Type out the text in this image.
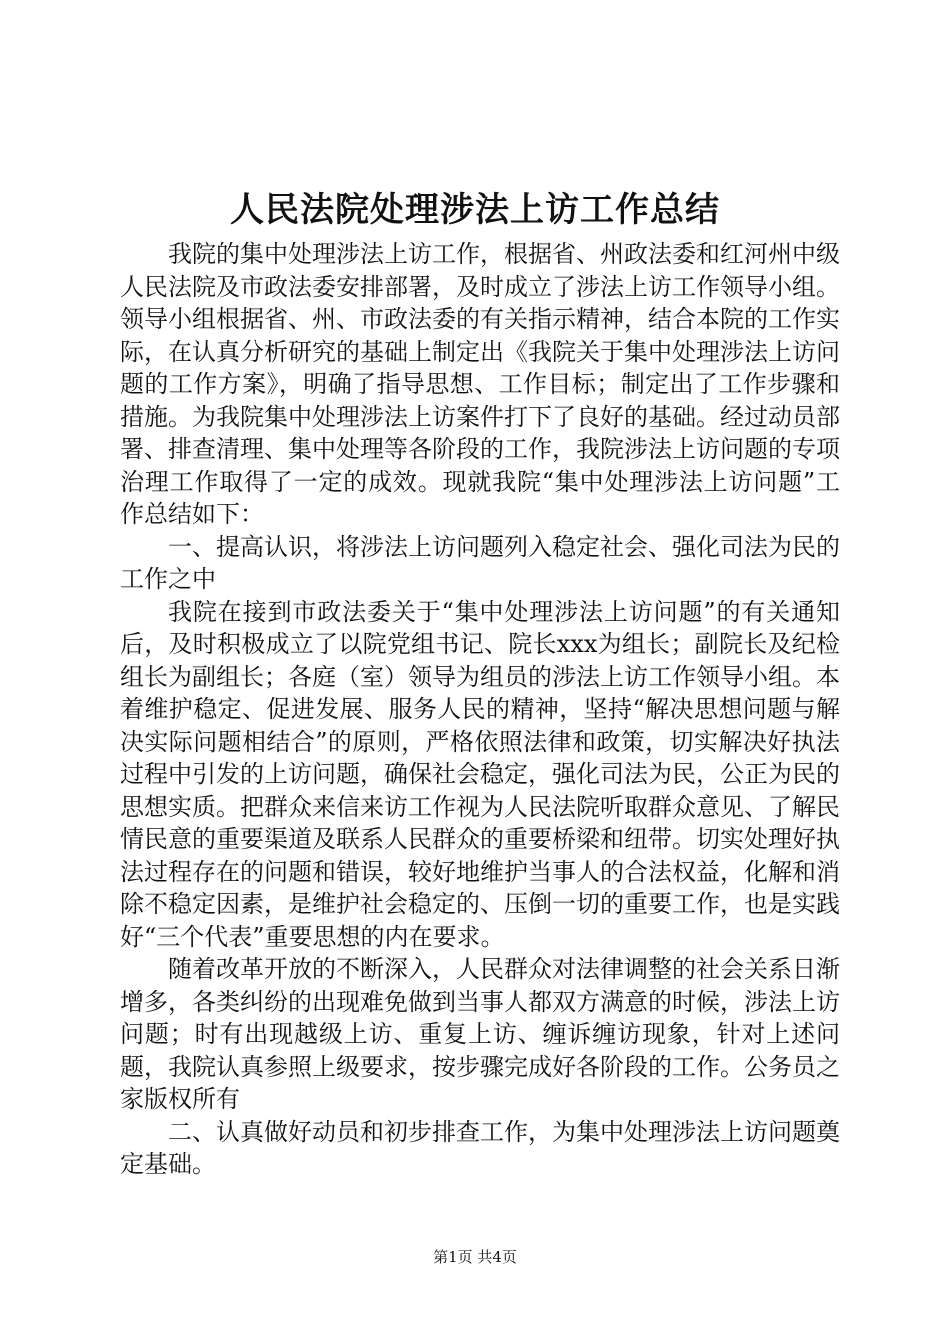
人民法院处理涉法上访工作总结

我院的集中处理涉法上访工作，根据省、州政法委和红河州中级人民法院及市政法委安排部署，及时成立了涉法上访工作领导小组。领导小组根据省、州、市政法委的有关指示精神，结合本院的工作实际，在认真分析研究的基础上制定出《我院关于集中处理涉法上访问题的工作方案》，明确了指导思想、工作目标；制定出了工作步骤和措施。为我院集中处理涉法上访案件打下了良好的基础。经过动员部署、排查清理、集中处理等各阶段的工作，我院涉法上访问题的专项治理工作取得了一定的成效。现就我院“集中处理涉法上访问题”工作总结如下：

一、提高认识，将涉法上访问题列入稳定社会、强化司法为民的工作之中

我院在接到市政法委关于“集中处理涉法上访问题”的有关通知后，及时积极成立了以院党组书记、院长xxx为组长；副院长及纪检组长为副组长；各庭（室）领导为组员的涉法上访工作领导小组。本着维护稳定、促进发展、服务人民的精神，坚持“解决思想问题与解决实际问题相结合”的原则，严格依照法律和政策，切实解决好执法过程中引发的上访问题，确保社会稳定，强化司法为民，公正为民的思想实质。把群众来信来访工作视为人民法院听取群众意见、了解民情民意的重要渠道及联系人民群众的重要桥梁和纽带。切实处理好执法过程存在的问题和错误，较好地维护当事人的合法权益，化解和消除不稳定因素，是维护社会稳定的、压倒一切的重要工作，也是实践好“三个代表”重要思想的内在要求。

随着改革开放的不断深入，人民群众对法律调整的社会关系日渐增多，各类纠纷的出现难免做到当事人都双方满意的时候，涉法上访问题；时有出现越级上访、重复上访、缠诉缠访现象，针对上述问题，我院认真参照上级要求，按步骤完成好各阶段的工作。公务员之家版权所有

二、认真做好动员和初步排查工作，为集中处理涉法上访问题奠定基础。

第1页 共4页
